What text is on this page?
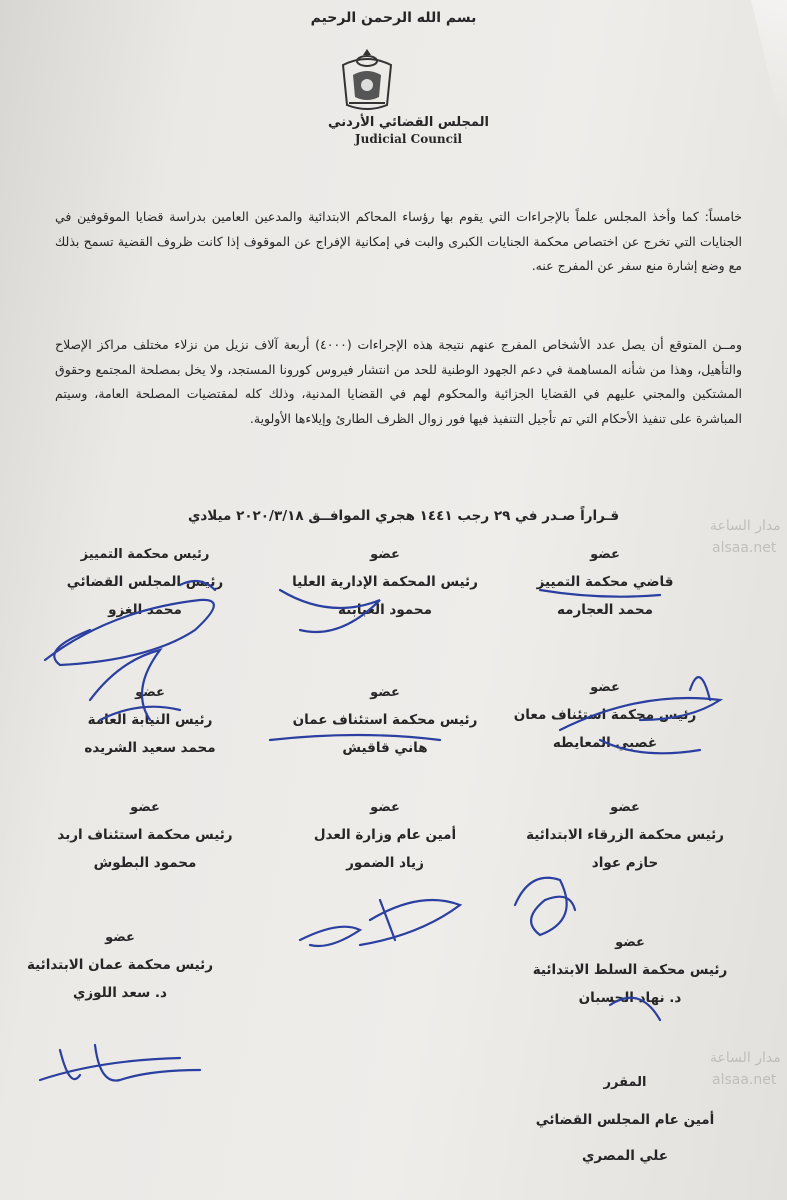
بسم الله الرحمن الرحيم
المجلس القضائي الأردني
Judicial Council
خامساً: كما وأخذ المجلس علماً بالإجراءات التي يقوم بها رؤساء المحاكم الابتدائية والمدعين العامين بدراسة قضايا الموقوفين في الجنايات التي تخرج عن اختصاص محكمة الجنايات الكبرى والبت في إمكانية الإفراج عن الموقوف إذا كانت ظروف القضية تسمح بذلك مع وضع إشارة منع سفر عن المفرج عنه.
ومــن المتوقع أن يصل عدد الأشخاص المفرج عنهم نتيجة هذه الإجراءات (٤٠٠٠) أربعة آلاف نزيل من نزلاء مختلف مراكز الإصلاح والتأهيل، وهذا من شأنه المساهمة في دعم الجهود الوطنية للحد من انتشار فيروس كورونا المستجد، ولا يخل بمصلحة المجتمع وحقوق المشتكين والمجني عليهم في القضايا الجزائية والمحكوم لهم في القضايا المدنية، وذلك كله لمقتضيات المصلحة العامة، وسيتم المباشرة على تنفيذ الأحكام التي تم تأجيل التنفيذ فيها فور زوال الظرف الطارئ وإيلاءها الأولوية.
قـراراً صـدر في ٢٩ رجب ١٤٤١ هجري الموافــق ٢٠٢٠/٣/١٨ ميلادي
عضو
قاضي محكمة التمييز
محمد العجارمه
عضو
رئيس المحكمة الإدارية العليا
محمود العبابنه
رئيس محكمة التمييز
رئيس المجلس القضائي
محمد الغزو
عضو
رئيس محكمة استئناف معان
غصبي المعايطه
عضو
رئيس محكمة استئناف عمان
هاني قاقيش
عضو
رئيس النيابة العامة
محمد سعيد الشريده
عضو
رئيس محكمة الزرقاء الابتدائية
حازم عواد
عضو
أمين عام وزارة العدل
زياد الضمور
عضو
رئيس محكمة استئناف اربد
محمود البطوش
عضو
رئيس محكمة السلط الابتدائية
د. نهاد الحسبان
عضو
رئيس محكمة عمان الابتدائية
د. سعد اللوزي
المقرر
أمين عام المجلس القضائي
علي المصري
مدار الساعة
alsaa.net
مدار الساعة
alsaa.net
